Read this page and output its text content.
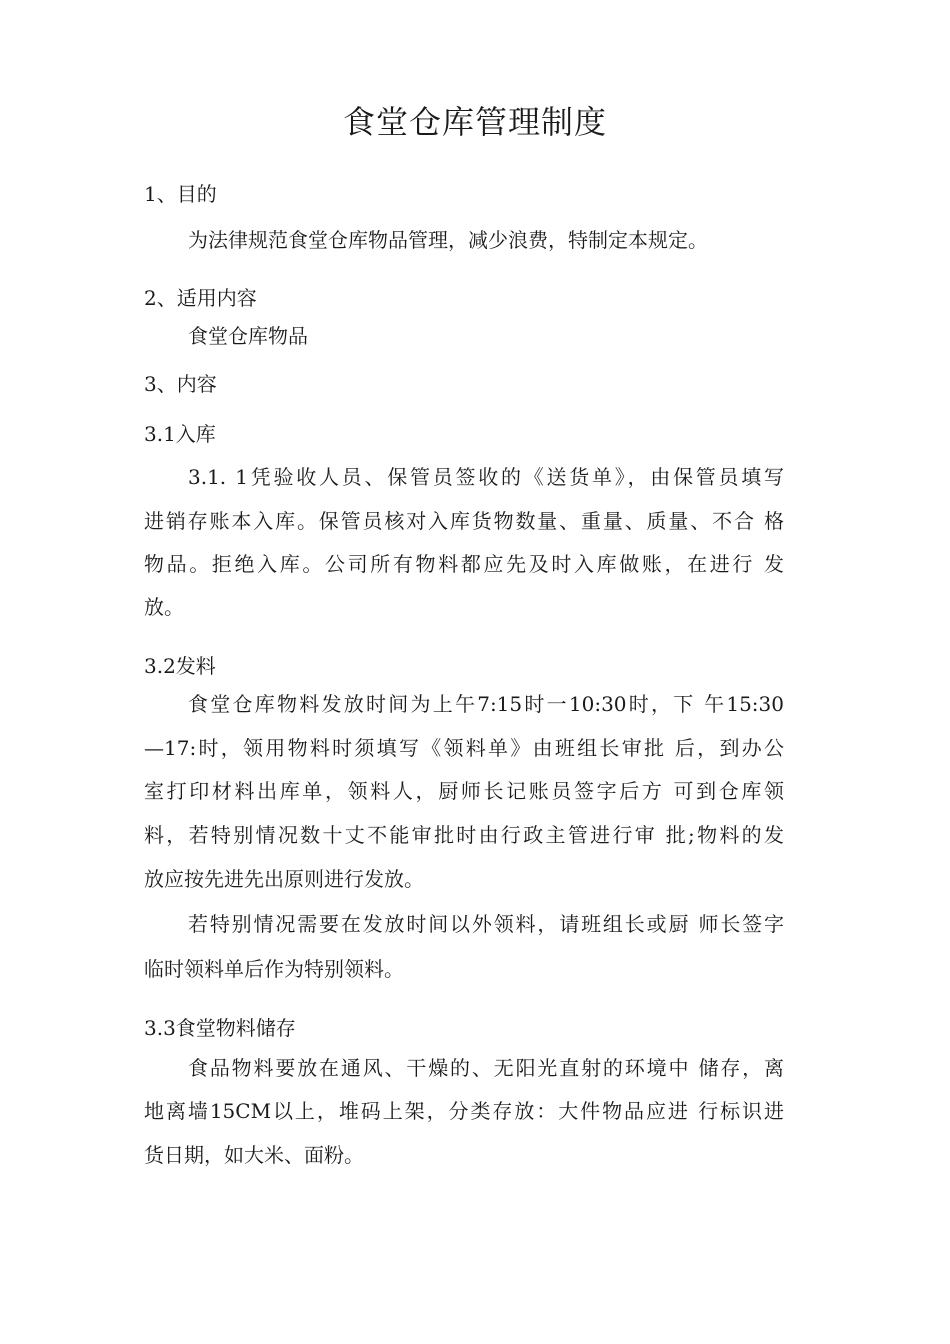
食堂仓库管理制度

1、目的

为法律规范食堂仓库物品管理，减少浪费，特制定本规定。

2、适用内容

食堂仓库物品

3、内容

3.1入库

3.1. 1凭验收人员、保管员签收的《送货单》，由保管员填写

进销存账本入库。保管员核对入库货物数量、重量、质量、不合 格

物品。拒绝入库。公司所有物料都应先及时入库做账，在进行 发

放。

3.2发料

食堂仓库物料发放时间为上午7:15时一10:30时，下 午15:30

—17:时，领用物料时须填写《领料单》由班组长审批 后，到办公

室打印材料出库单，领料人，厨师长记账员签字后方 可到仓库领

料，若特别情况数十丈不能审批时由行政主管进行审 批;物料的发

放应按先进先出原则进行发放。

若特别情况需要在发放时间以外领料，请班组长或厨 师长签字

临时领料单后作为特别领料。

3.3食堂物料储存

食品物料要放在通风、干燥的、无阳光直射的环境中 储存，离

地离墙15CM以上，堆码上架，分类存放：大件物品应进 行标识进

货日期，如大米、面粉。
